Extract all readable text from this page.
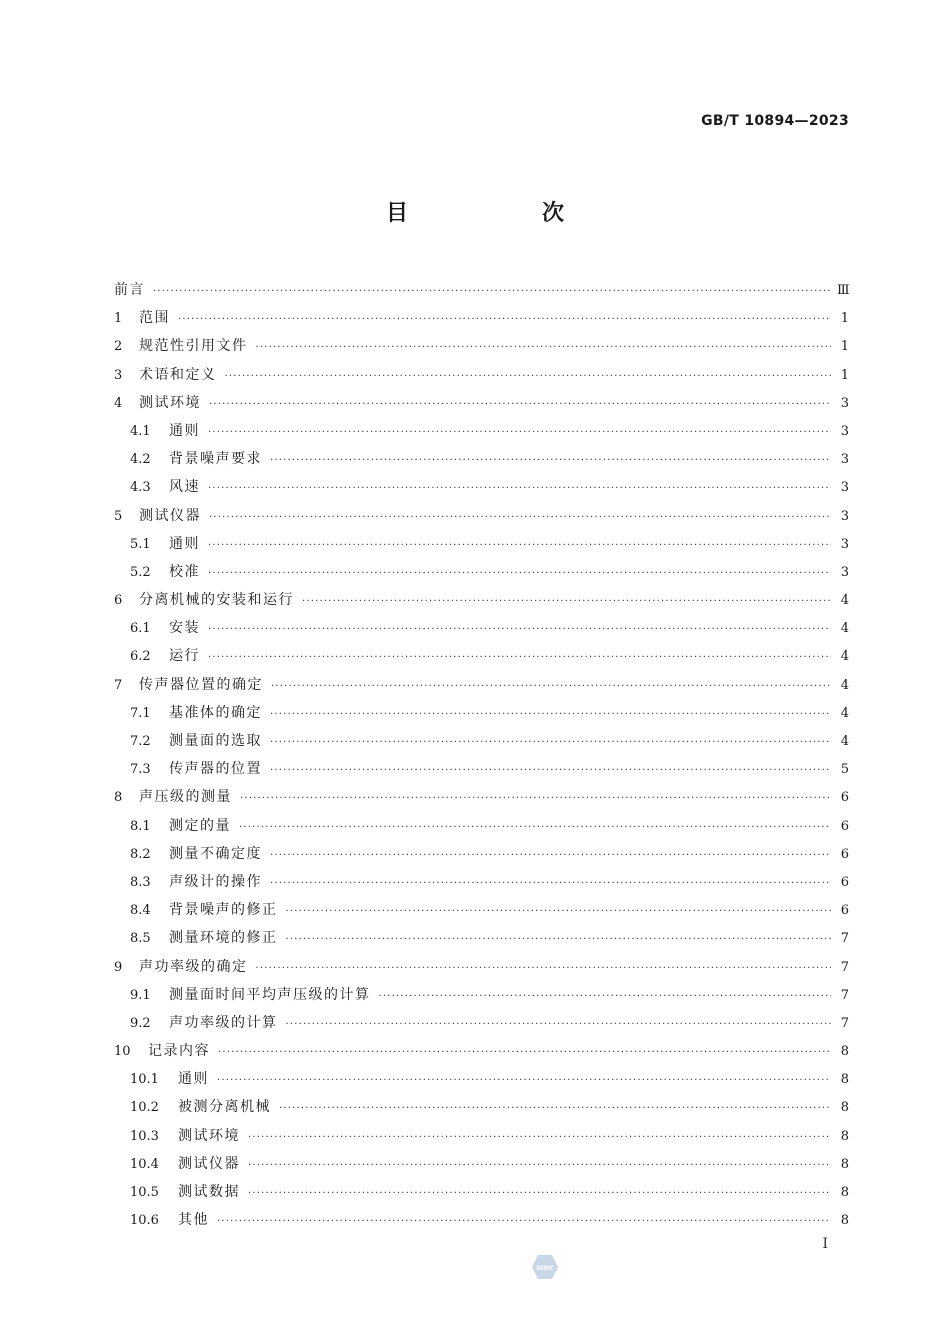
GB/T 10894—2023
目　次
前言 ·····	Ⅲ
1	范围 ·····	1
2	规范性引用文件 ·····	1
3	术语和定义 ·····	1
4	测试环境 ·····	3
4.1	通则 ·····	3
4.2	背景噪声要求 ·····	3
4.3	风速 ·····	3
5	测试仪器 ·····	3
5.1	通则 ·····	3
5.2	校准 ·····	3
6	分离机械的安装和运行 ·····	4
6.1	安装 ·····	4
6.2	运行 ·····	4
7	传声器位置的确定 ·····	4
7.1	基准体的确定 ·····	4
7.2	测量面的选取 ·····	4
7.3	传声器的位置 ·····	5
8	声压级的测量 ·····	6
8.1	测定的量 ·····	6
8.2	测量不确定度 ·····	6
8.3	声级计的操作 ·····	6
8.4	背景噪声的修正 ·····	6
8.5	测量环境的修正 ·····	7
9	声功率级的确定 ·····	7
9.1	测量面时间平均声压级的计算 ·····	7
9.2	声功率级的计算 ·····	7
10	记录内容 ·····	8
10.1	通则 ·····	8
10.2	被测分离机械 ·····	8
10.3	测试环境 ·····	8
10.4	测试仪器 ·····	8
10.5	测试数据 ·····	8
10.6	其他 ·····	8
I
smc
